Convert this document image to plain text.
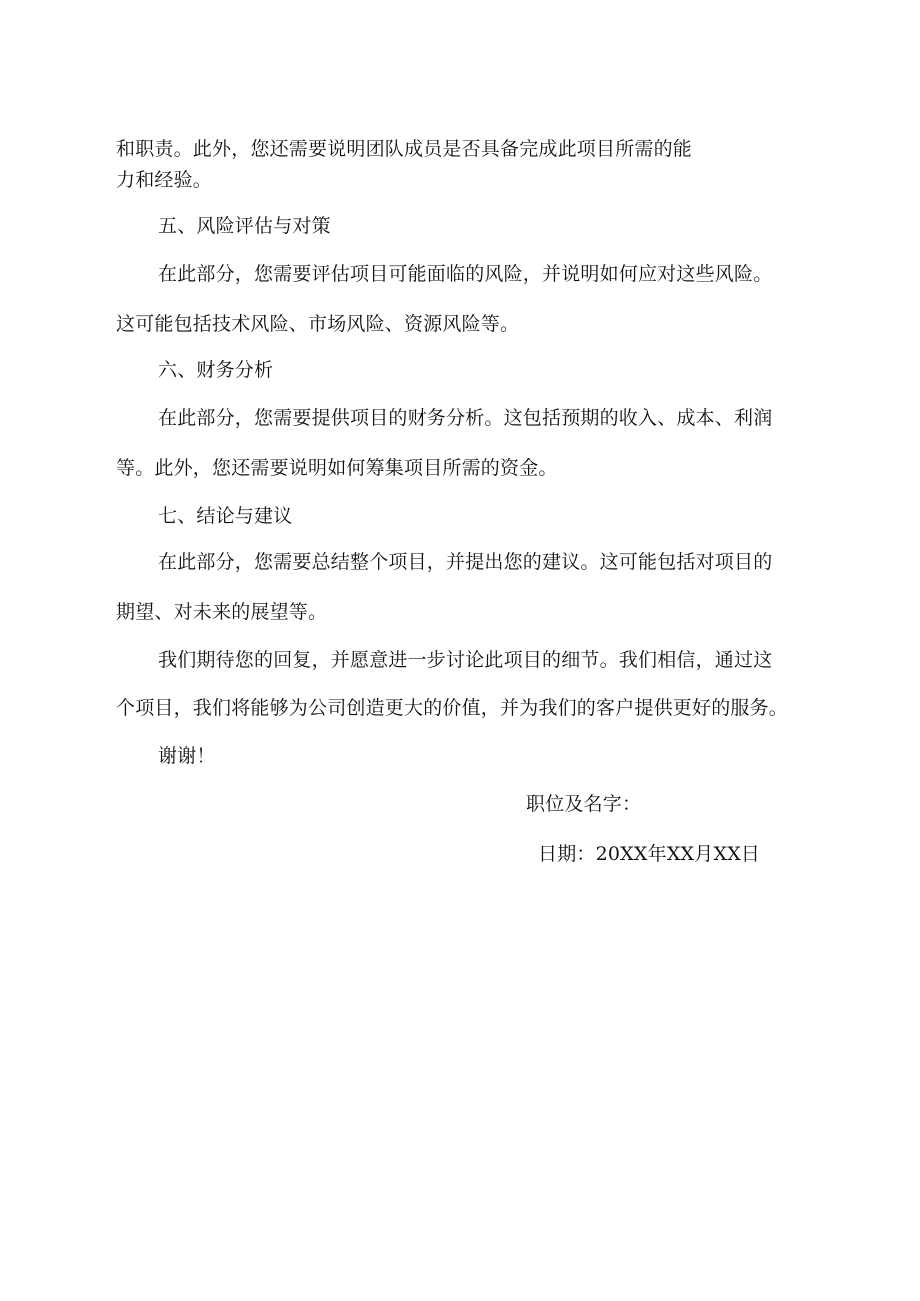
和职责。此外，您还需要说明团队成员是否具备完成此项目所需的能

力和经验。

五、风险评估与对策

在此部分，您需要评估项目可能面临的风险，并说明如何应对这些风险。

这可能包括技术风险、市场风险、资源风险等。

六、财务分析

在此部分，您需要提供项目的财务分析。这包括预期的收入、成本、利润

等。此外，您还需要说明如何筹集项目所需的资金。

七、结论与建议

在此部分，您需要总结整个项目，并提出您的建议。这可能包括对项目的

期望、对未来的展望等。

我们期待您的回复，并愿意进一步讨论此项目的细节。我们相信，通过这

个项目，我们将能够为公司创造更大的价值，并为我们的客户提供更好的服务。

谢谢！

职位及名字：

日期：20XX年XX月XX日
